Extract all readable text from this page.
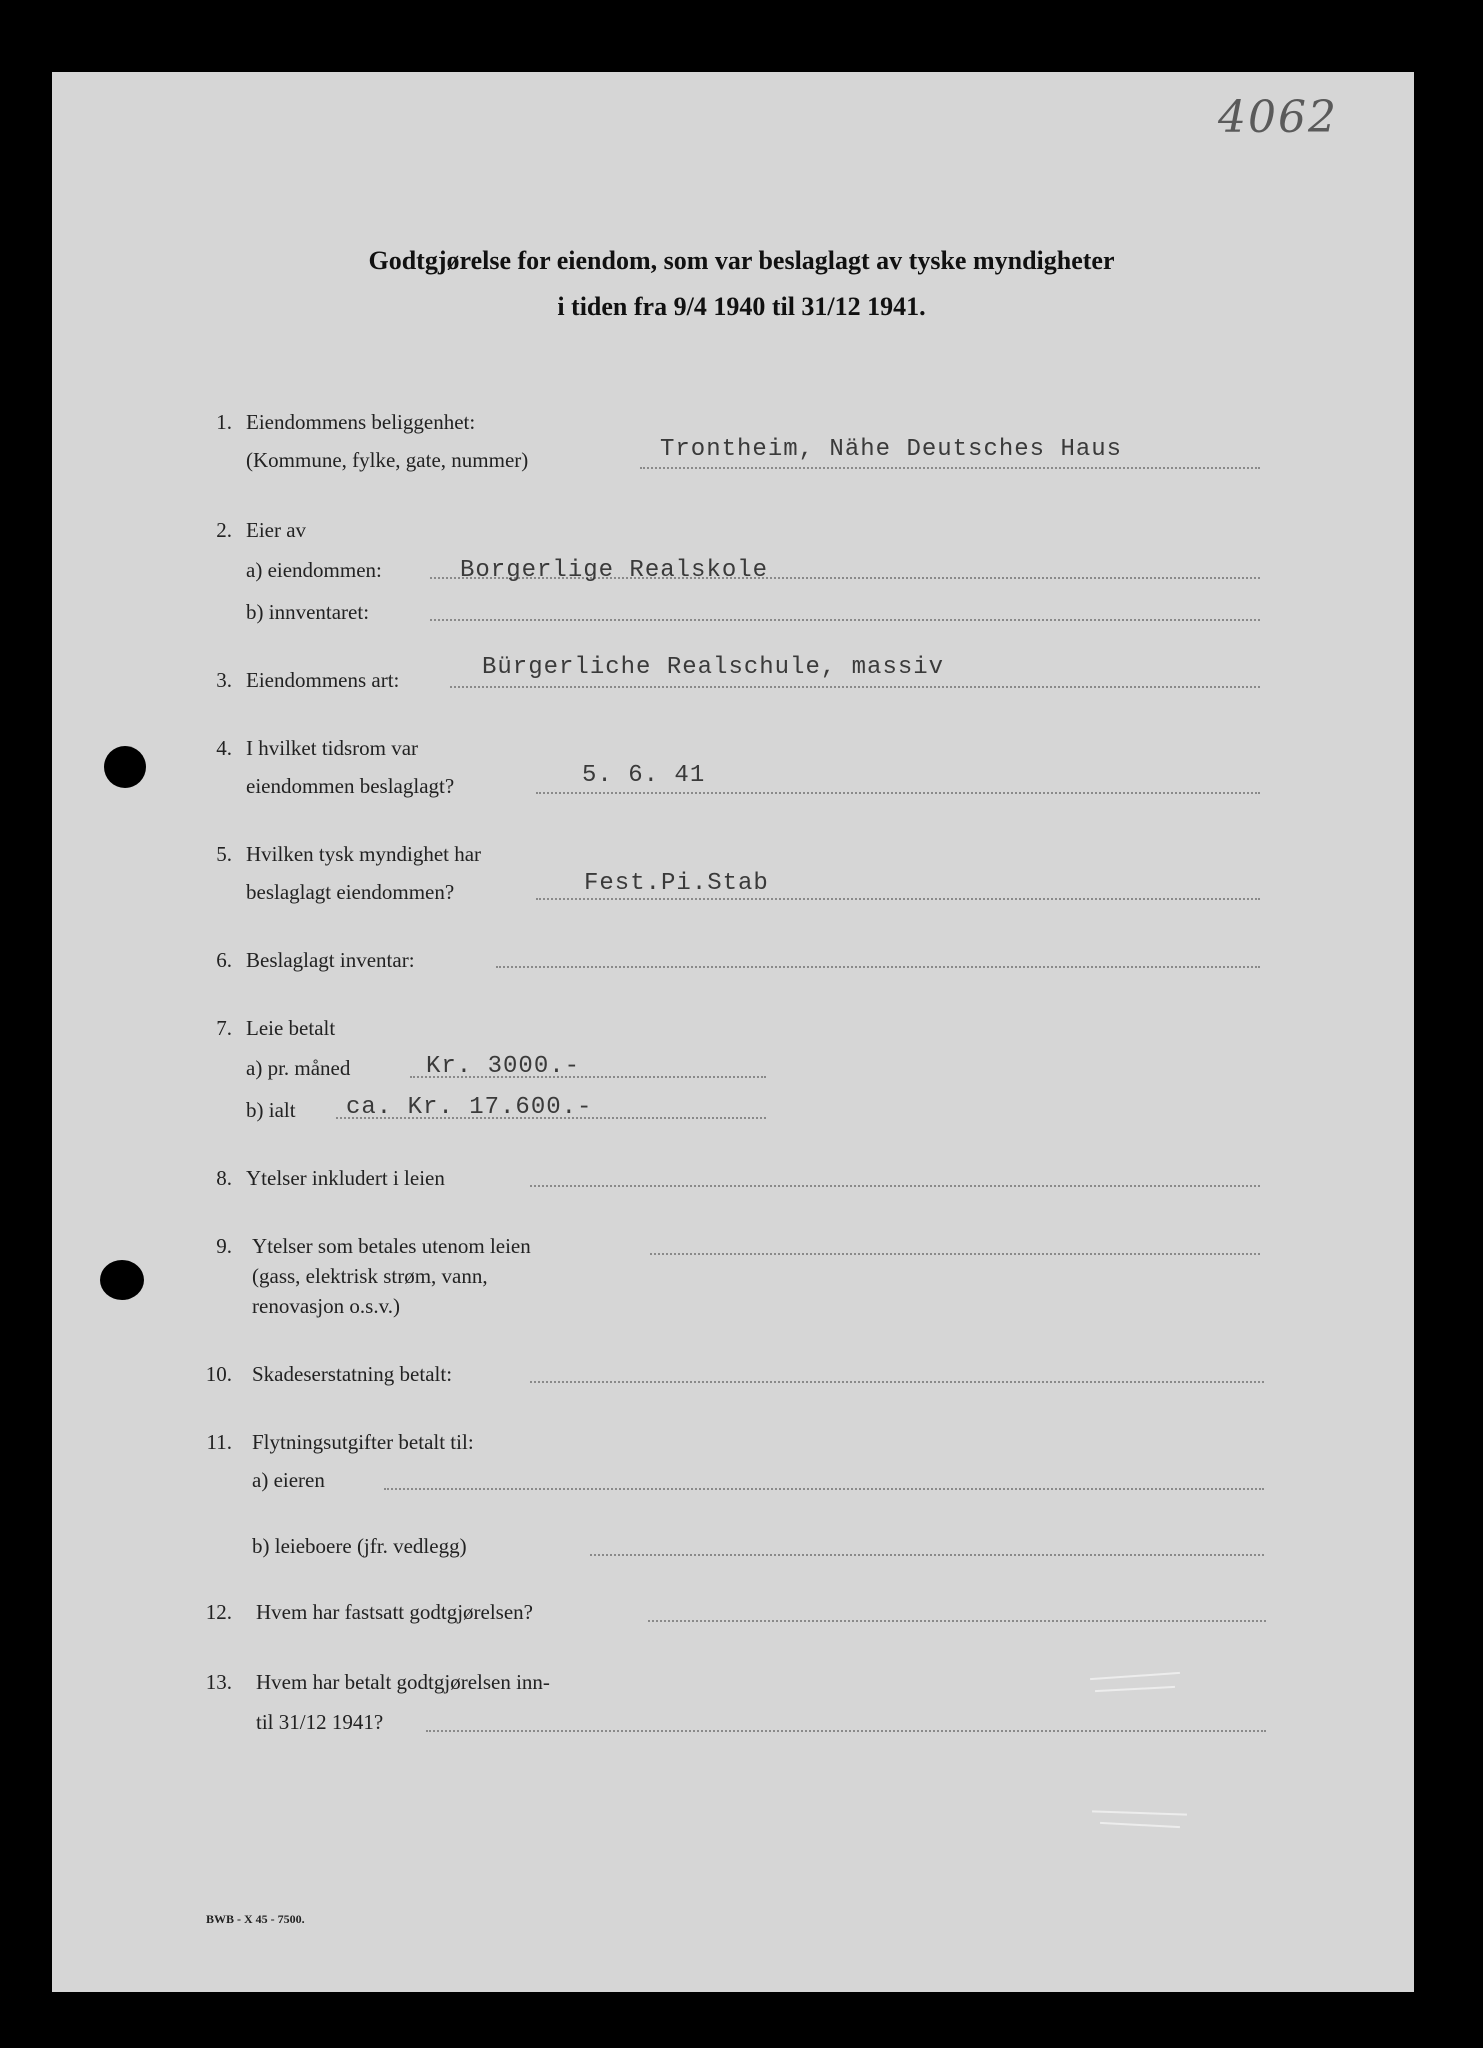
4062
Godtgjørelse for eiendom, som var beslaglagt av tyske myndigheter
i tiden fra 9/4 1940 til 31/12 1941.
1. Eiendommens beliggenhet:
(Kommune, fylke, gate, nummer)	Trontheim, Nähe Deutsches Haus
2. Eier av
a) eiendommen:	Borgerlige Realskole
b) innventaret:
3. Eiendommens art:	Bürgerliche Realschule, massiv
4. I hvilket tidsrom var
eiendommen beslaglagt?	5. 6. 41
5. Hvilken tysk myndighet har
beslaglagt eiendommen?	Fest.Pi.Stab
6. Beslaglagt inventar:
7. Leie betalt
a) pr. måned	Kr. 3000.-
b) ialt ca. Kr. 17.600.-
8. Ytelser inkludert i leien
9. Ytelser som betales utenom leien
(gass, elektrisk strøm, vann,
renovasjon o.s.v.)
10. Skadeserstatning betalt:
11. Flytningsutgifter betalt til:
a) eieren
b) leieboere (jfr. vedlegg)
12. Hvem har fastsatt godtgjørelsen?
13. Hvem har betalt godtgjørelsen inn-
til 31/12 1941?
BWB - X 45 - 7500.
